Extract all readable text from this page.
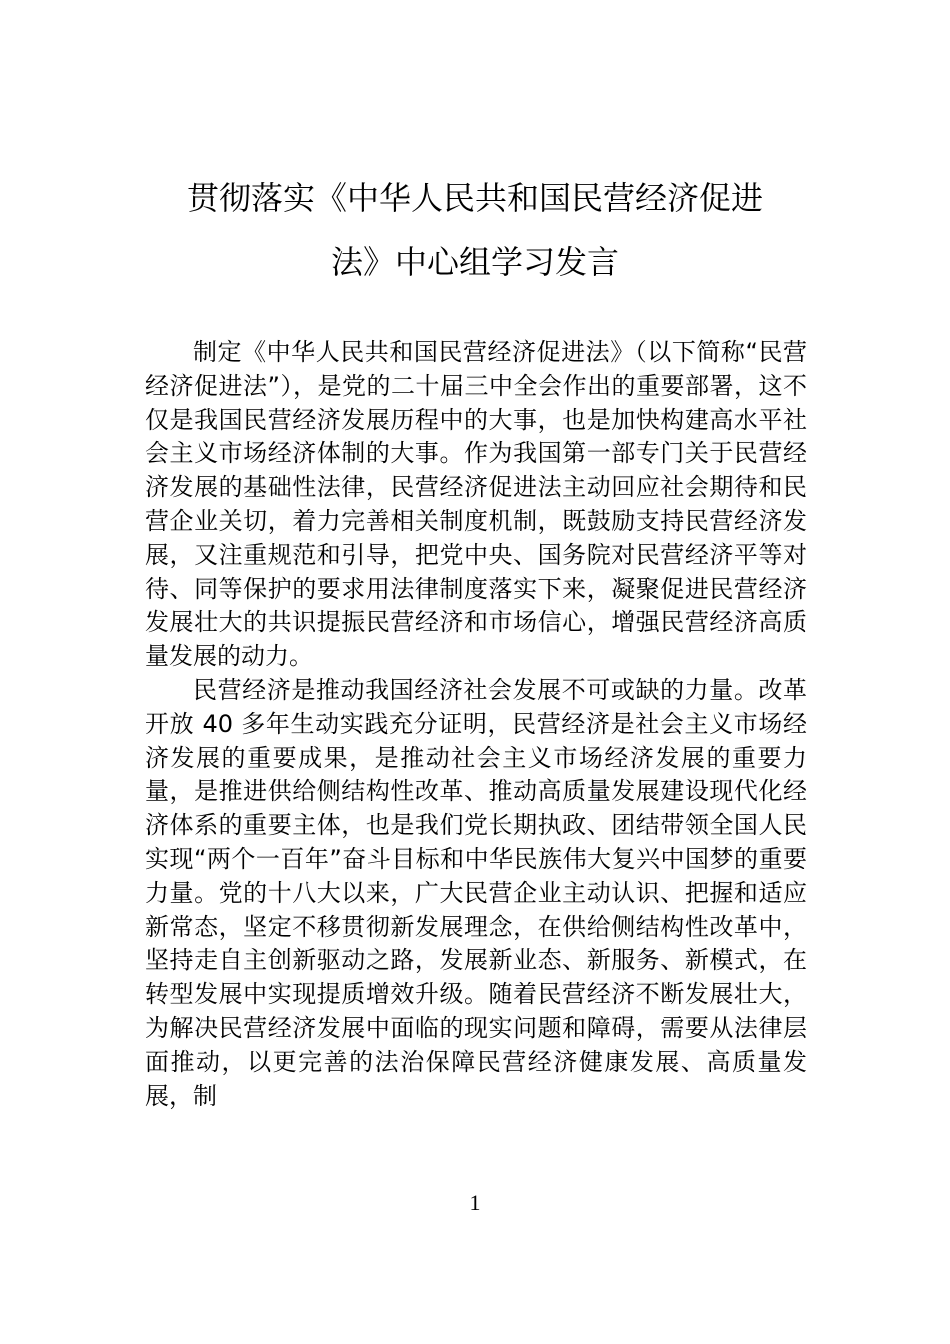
贯彻落实《中华人民共和国民营经济促进
法》中心组学习发言

制定《中华人民共和国民营经济促进法》（以下简称“民营经济促进法”），是党的二十届三中全会作出的重要部署，这不仅是我国民营经济发展历程中的大事，也是加快构建高水平社会主义市场经济体制的大事。作为我国第一部专门关于民营经济发展的基础性法律，民营经济促进法主动回应社会期待和民营企业关切，着力完善相关制度机制，既鼓励支持民营经济发展，又注重规范和引导，把党中央、国务院对民营经济平等对待、同等保护的要求用法律制度落实下来，凝聚促进民营经济发展壮大的共识提振民营经济和市场信心，增强民营经济高质量发展的动力。

民营经济是推动我国经济社会发展不可或缺的力量。改革开放 40 多年生动实践充分证明，民营经济是社会主义市场经济发展的重要成果，是推动社会主义市场经济发展的重要力量，是推进供给侧结构性改革、推动高质量发展建设现代化经济体系的重要主体，也是我们党长期执政、团结带领全国人民实现“两个一百年”奋斗目标和中华民族伟大复兴中国梦的重要力量。党的十八大以来，广大民营企业主动认识、把握和适应新常态，坚定不移贯彻新发展理念，在供给侧结构性改革中，坚持走自主创新驱动之路，发展新业态、新服务、新模式，在转型发展中实现提质增效升级。随着民营经济不断发展壮大，为解决民营经济发展中面临的现实问题和障碍，需要从法律层面推动，以更完善的法治保障民营经济健康发展、高质量发展，制

1
